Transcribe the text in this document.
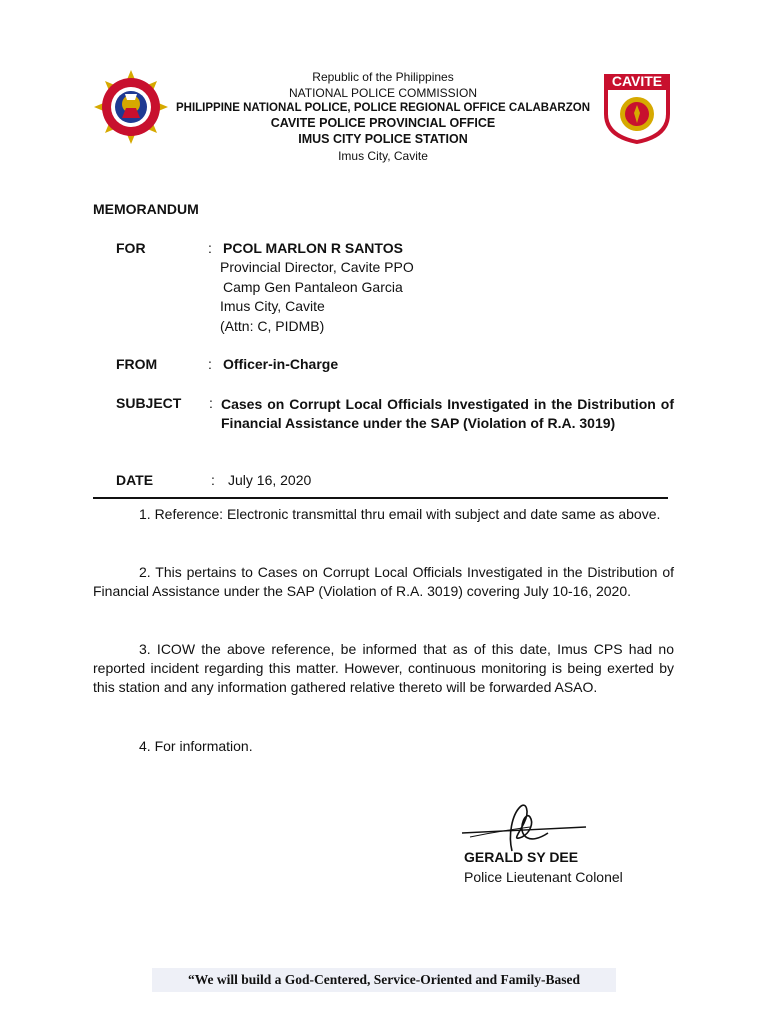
CAVITE
Republic of the Philippines
NATIONAL POLICE COMMISSION
PHILIPPINE NATIONAL POLICE, POLICE REGIONAL OFFICE CALABARZON
CAVITE POLICE PROVINCIAL OFFICE
IMUS CITY POLICE STATION
Imus City, Cavite
MEMORANDUM
FOR	: PCOL MARLON R SANTOS
Provincial Director, Cavite PPO
Camp Gen Pantaleon Garcia
Imus City, Cavite
(Attn: C, PIDMB)
FROM	: Officer-in-Charge
SUBJECT : Cases on Corrupt Local Officials Investigated in the Distribution of Financial Assistance under the SAP (Violation of R.A. 3019)
DATE	: July 16, 2020
1. Reference: Electronic transmittal thru email with subject and date same as above.
2. This pertains to Cases on Corrupt Local Officials Investigated in the Distribution of Financial Assistance under the SAP (Violation of R.A. 3019) covering July 10-16, 2020.
3. ICOW the above reference, be informed that as of this date, Imus CPS had no reported incident regarding this matter. However, continuous monitoring is being exerted by this station and any information gathered relative thereto will be forwarded ASAO.
4. For information.
GERALD SY DEE
Police Lieutenant Colonel
“We will build a God-Centered, Service-Oriented and Family-Based
